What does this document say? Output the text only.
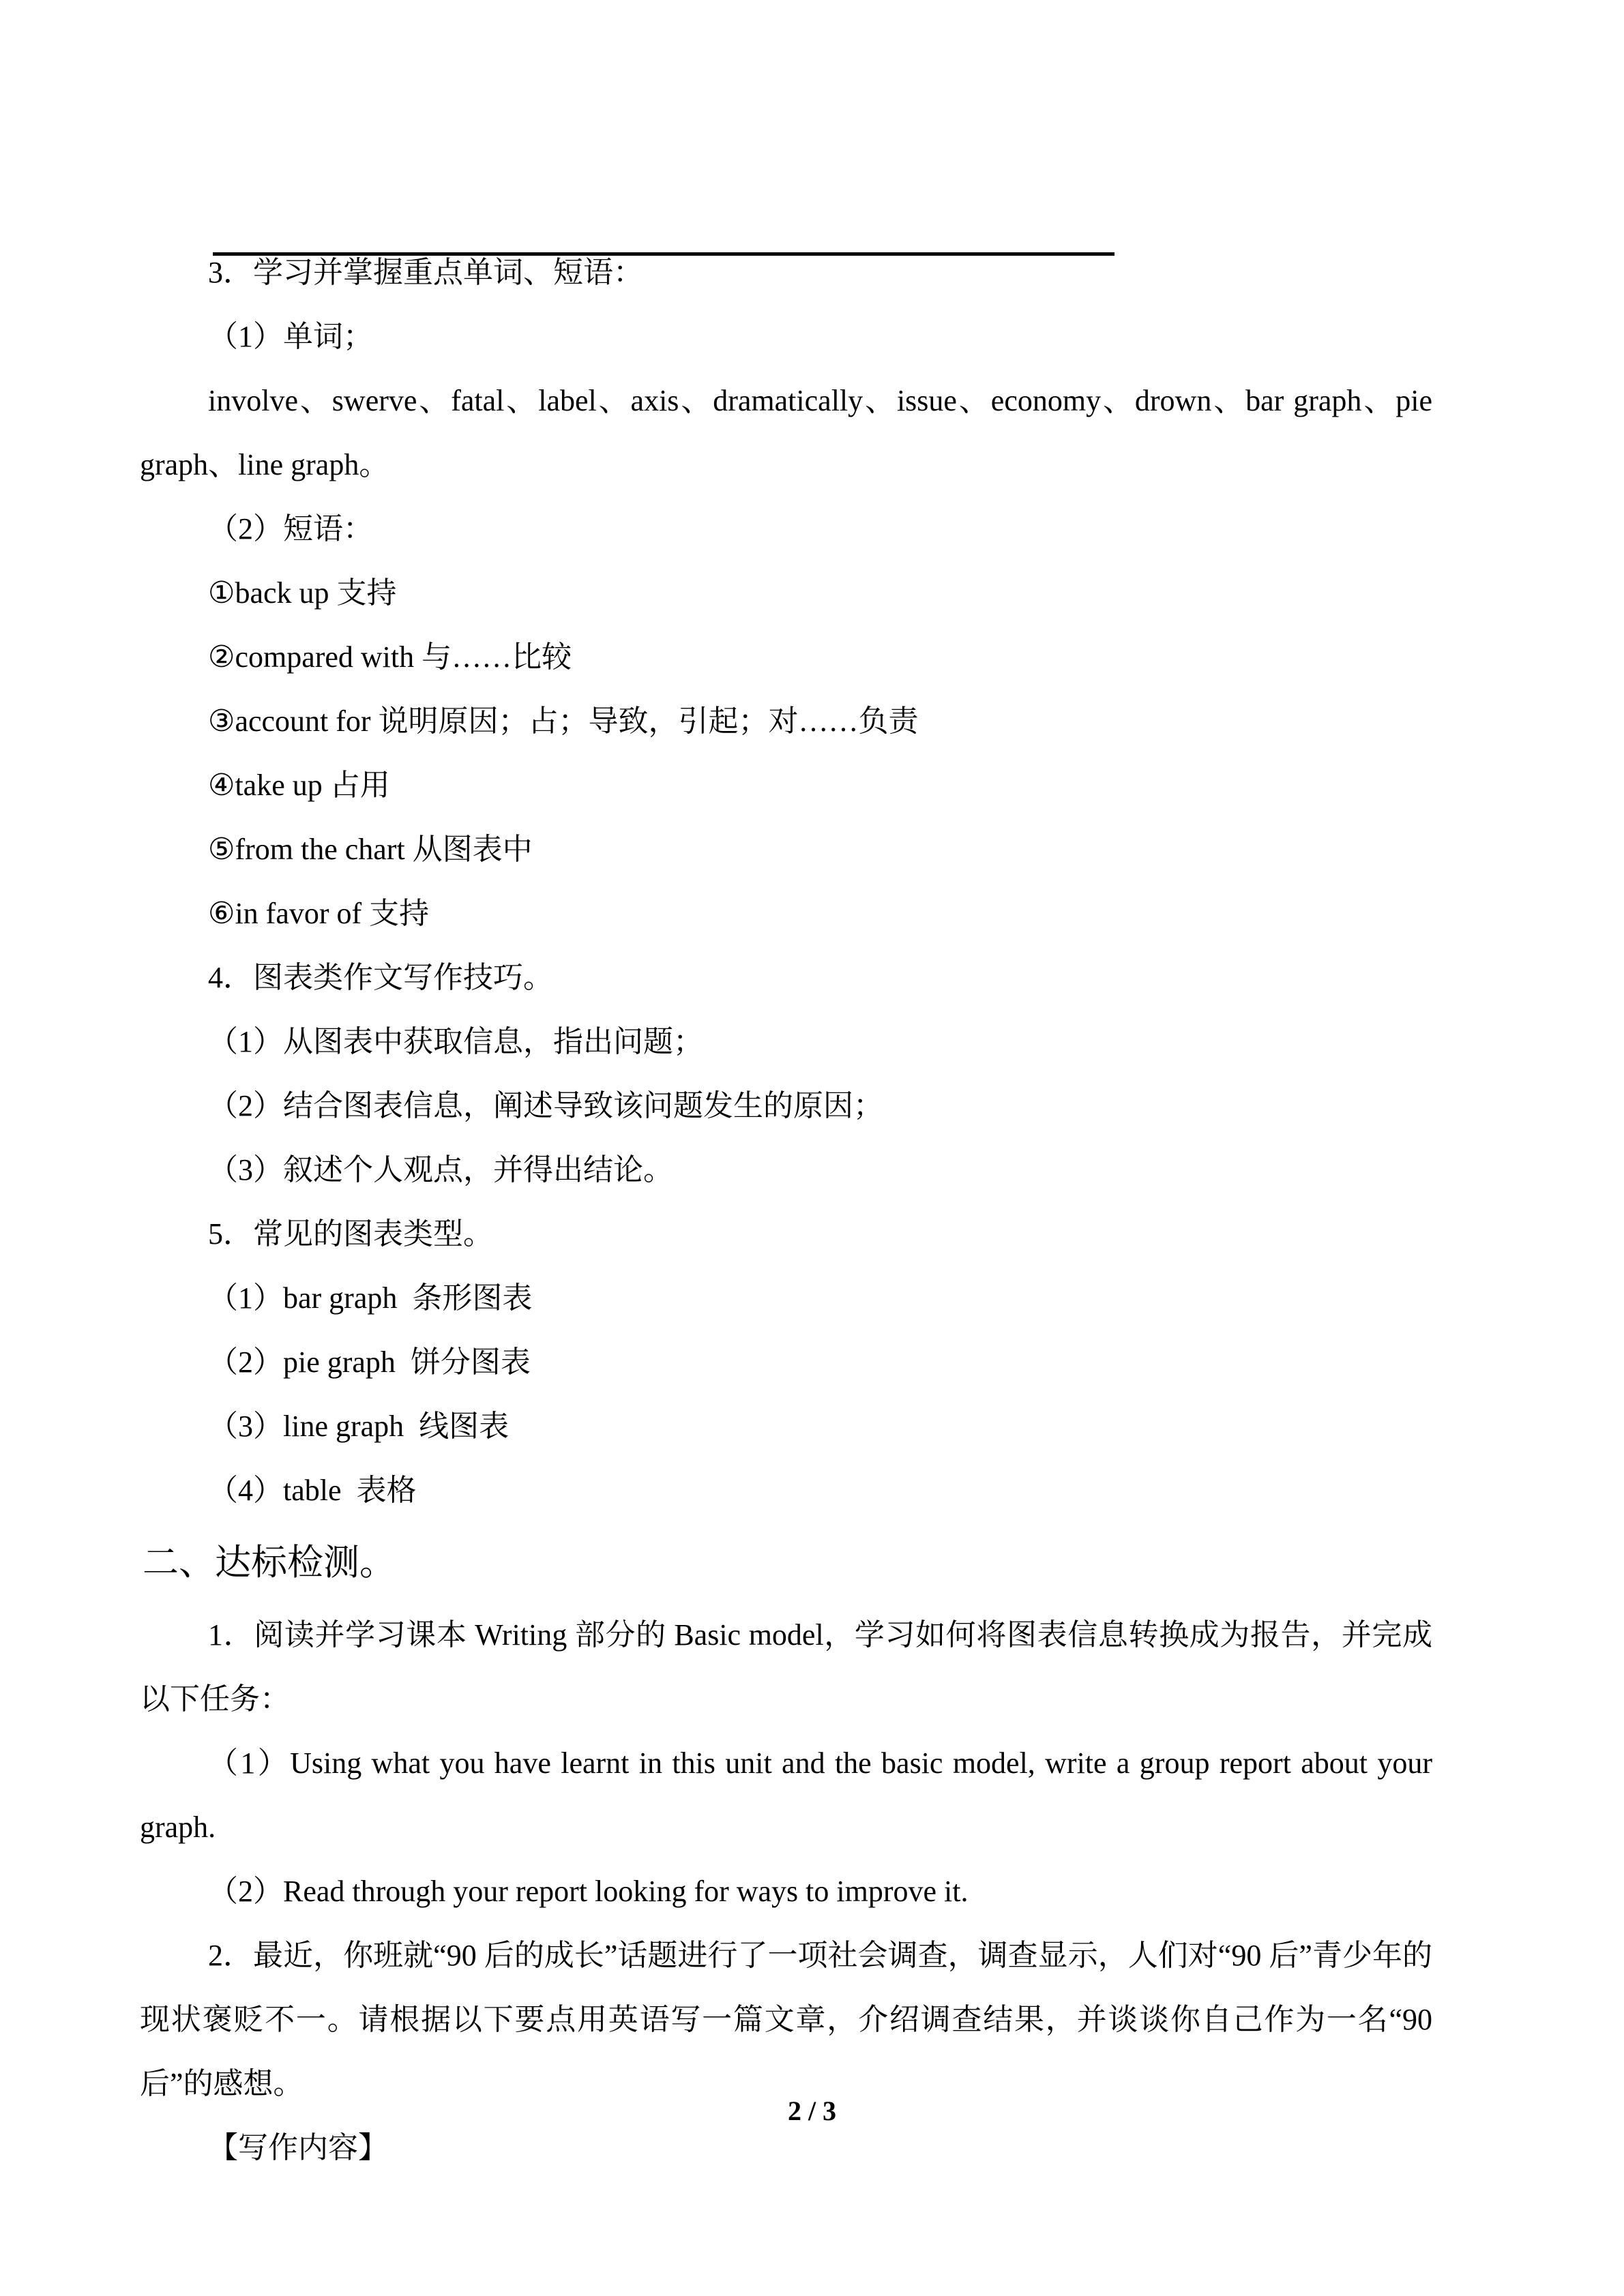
3．学习并掌握重点单词、短语：

（1）单词；

involve、swerve、fatal、label、axis、dramatically、issue、economy、drown、bar graph、pie graph、line graph。

（2）短语：

①back up 支持

②compared with 与……比较

③account for 说明原因；占；导致，引起；对……负责

④take up 占用

⑤from the chart 从图表中

⑥in favor of 支持

4．图表类作文写作技巧。

（1）从图表中获取信息，指出问题；

（2）结合图表信息，阐述导致该问题发生的原因；

（3）叙述个人观点，并得出结论。

5．常见的图表类型。

（1）bar graph  条形图表

（2）pie graph  饼分图表

（3）line graph  线图表

（4）table  表格

二、达标检测。

1．阅读并学习课本 Writing 部分的 Basic model，学习如何将图表信息转换成为报告，并完成以下任务：

（1）Using what you have learnt in this unit and the basic model, write a group report about your graph.

（2）Read through your report looking for ways to improve it.

2．最近，你班就“90 后的成长”话题进行了一项社会调查，调查显示，人们对“90 后”青少年的现状褒贬不一。请根据以下要点用英语写一篇文章，介绍调查结果，并谈谈你自己作为一名“90 后”的感想。

【写作内容】

2 / 3
